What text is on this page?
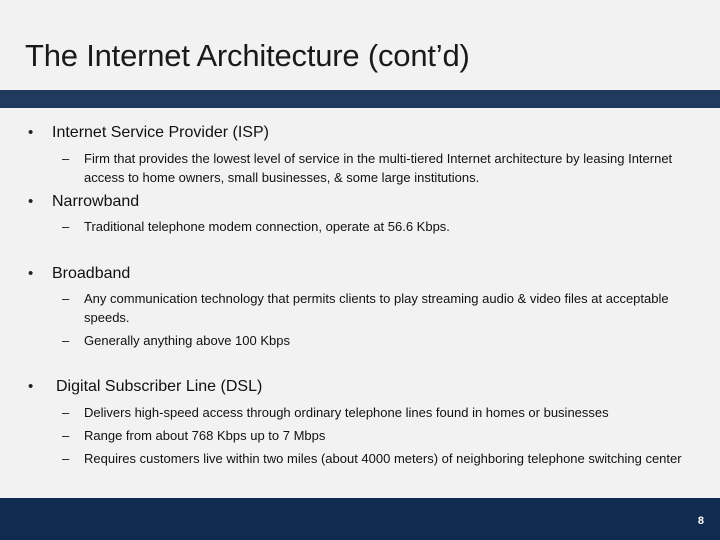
The Internet Architecture (cont’d)
• Internet Service Provider (ISP)
– Firm that provides the lowest level of service in the multi-tiered Internet architecture by leasing Internet access to home owners, small businesses, & some large institutions.
• Narrowband
– Traditional telephone modem connection, operate at 56.6 Kbps.
• Broadband
– Any communication technology that permits clients to play streaming audio & video files at acceptable speeds.
– Generally anything above 100 Kbps
• Digital Subscriber Line (DSL)
– Delivers high-speed access through ordinary telephone lines found in homes or businesses
– Range from about 768 Kbps up to 7 Mbps
– Requires customers live within two miles (about 4000 meters) of neighboring telephone switching center
8
